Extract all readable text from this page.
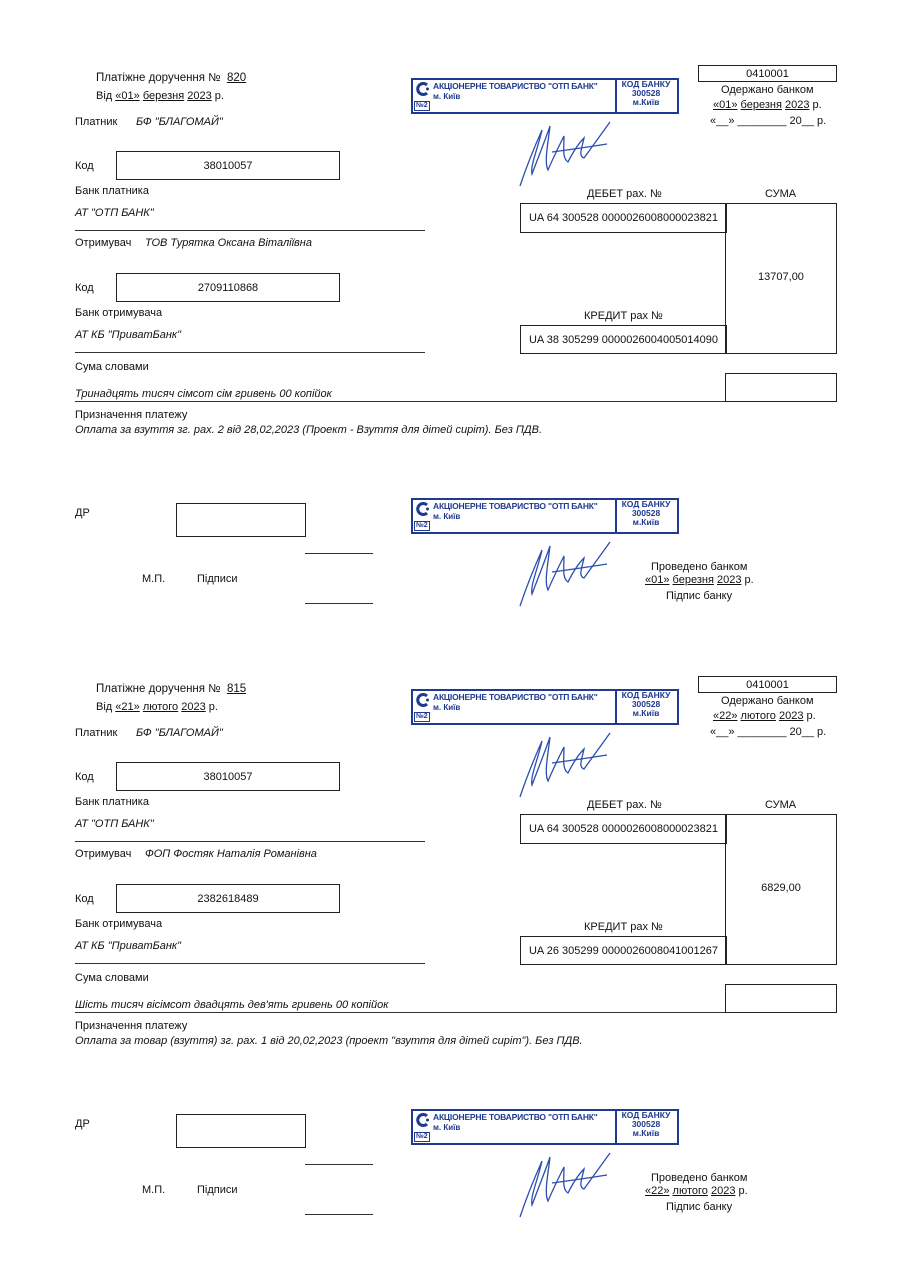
Платіжне доручення № 820
Від «01» березня 2023 р.
Платник БФ "БЛАГОМАЙ"
Код	38010057
Банк платника
АТ "ОТП БАНК"
Отримувач ТОВ Турятка Оксана Віталіївна
Код	2709110868
Банк отримувача
АТ КБ "ПриватБанк"
Сума словами
Тринадцять тисяч сімсот сім гривень 00 копійок
Призначення платежу
Оплата за взуття зг. рах. 2 від 28,02,2023 (Проект - Взуття для дітей сиріт). Без ПДВ.
0410001
Одержано банком
«01» березня 2023 р.
«__» ________ 20__ р.
АКЦІОНЕРНЕ ТОВАРИСТВО "ОТП БАНК"
м. Київ
№2
КОД БАНКУ
300528
м.Київ
ДЕБЕТ рах. №	СУМА
UA 64 300528 0000026008000023821
13707,00
КРЕДИТ рах №
UA 38 305299 0000026004005014090
ДР
М.П.	Підписи
АКЦІОНЕРНЕ ТОВАРИСТВО "ОТП БАНК"
м. Київ
№2
КОД БАНКУ
300528
м.Київ
Проведено банком
«01» березня 2023 р.
Підпис банку
Платіжне доручення № 815
Від «21» лютого 2023 р.
Платник БФ "БЛАГОМАЙ"
Код	38010057
Банк платника
АТ "ОТП БАНК"
Отримувач ФОП Фостяк Наталія Романівна
Код	2382618489
Банк отримувача
АТ КБ "ПриватБанк"
Сума словами
Шість тисяч вісімсот двадцять дев'ять гривень 00 копійок
Призначення платежу
Оплата за товар (взуття) зг. рах. 1 від 20,02,2023 (проект "взуття для дітей сиріт"). Без ПДВ.
0410001
Одержано банком
«22» лютого 2023 р.
«__» ________ 20__ р.
АКЦІОНЕРНЕ ТОВАРИСТВО "ОТП БАНК"
м. Київ
№2
КОД БАНКУ
300528
м.Київ
ДЕБЕТ рах. №	СУМА
UA 64 300528 0000026008000023821
6829,00
КРЕДИТ рах №
UA 26 305299 0000026008041001267
ДР
М.П.	Підписи
АКЦІОНЕРНЕ ТОВАРИСТВО "ОТП БАНК"
м. Київ
№2
КОД БАНКУ
300528
м.Київ
Проведено банком
«22» лютого 2023 р.
Підпис банку
